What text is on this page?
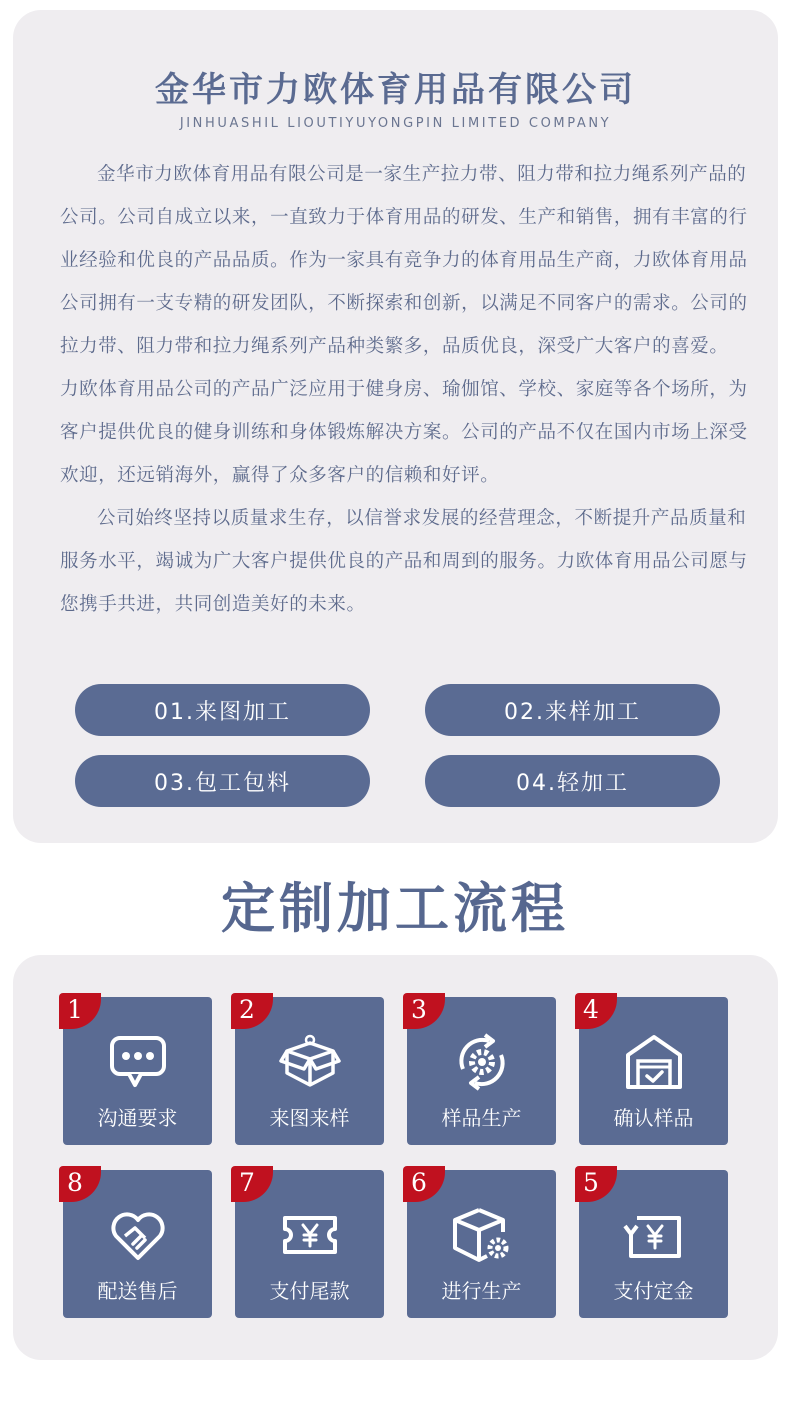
金华市力欧体育用品有限公司
JINHUASHIL LIOUTIYUYONGPIN LIMITED COMPANY

金华市力欧体育用品有限公司是一家生产拉力带、阻力带和拉力绳系列产品的公司。公司自成立以来，一直致力于体育用品的研发、生产和销售，拥有丰富的行业经验和优良的产品品质。作为一家具有竞争力的体育用品生产商，力欧体育用品公司拥有一支专精的研发团队，不断探索和创新，以满足不同客户的需求。公司的拉力带、阻力带和拉力绳系列产品种类繁多，品质优良，深受广大客户的喜爱。

力欧体育用品公司的产品广泛应用于健身房、瑜伽馆、学校、家庭等各个场所，为客户提供优良的健身训练和身体锻炼解决方案。公司的产品不仅在国内市场上深受欢迎，还远销海外，赢得了众多客户的信赖和好评。

公司始终坚持以质量求生存，以信誉求发展的经营理念，不断提升产品质量和服务水平，竭诚为广大客户提供优良的产品和周到的服务。力欧体育用品公司愿与您携手共进，共同创造美好的未来。

01.来图加工	02.来样加工
03.包工包料	04.轻加工
定制加工流程
1
沟通要求
2
来图来样
3
样品生产
4
确认样品
8
配送售后
7
支付尾款
6
进行生产
5
支付定金
